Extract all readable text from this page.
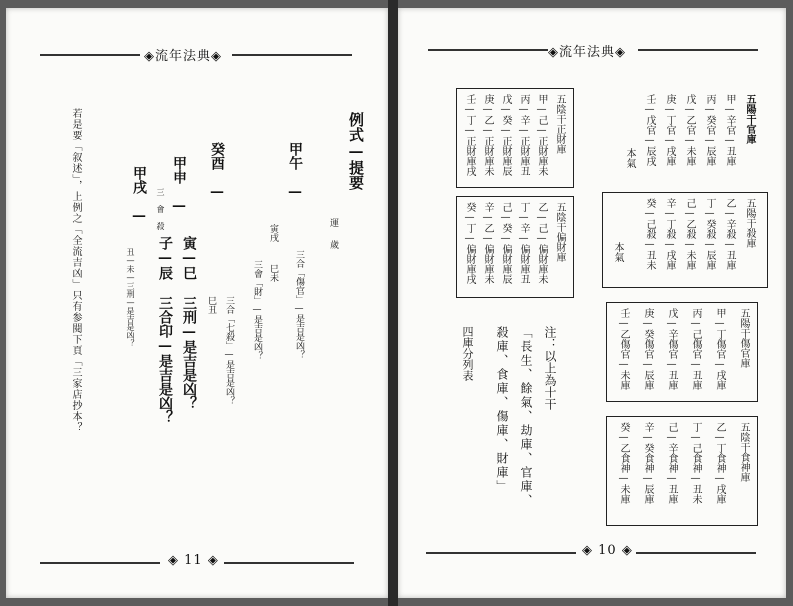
◈流年法典◈
例式—提要
運　歲
甲午　—
三合「傷官」—是吉是凶？
寅戌
三會「財」—是吉是凶？ 巳未
癸酉　—
三合「七殺」—是吉是凶？
巳丑
甲申　—
三 會 殺
寅—巳 三刑—是吉是凶？
子—辰 三合印—是吉是凶？
甲戌　—
丑—未—三刑—是吉是凶？
若是要「叙述」，上例之「全流吉凶」只有参閱下頁「三家店抄本？
◈ 11 ◈
◈流年法典◈
五陽干官庫
甲—辛官—丑庫
丙—癸官—辰庫
戊—乙官—未庫
庚—丁官—戌庫
壬—戊官—辰戌
本氣
五陰干正財庫
甲—己—正財庫未
丙—辛—正財庫丑
戊—癸—正財庫辰
庚—乙—正財庫未
壬—丁—正財庫戌
五陽干殺庫
乙—辛殺—丑庫
丁—癸殺—辰庫
己—乙殺—未庫
辛—丁殺—戌庫
癸—己殺—丑未
本氣
五陰干偏財庫
乙—己—偏財庫未
丁—辛—偏財庫丑
己—癸—偏財庫辰
辛—乙—偏財庫未
癸—丁—偏財庫戌
五陽干傷官庫
甲—丁傷官—戌庫
丙—己傷官—丑庫
戊—辛傷官—丑庫
庚—癸傷官—辰庫
壬—乙傷官—未庫
五陰干食神庫
乙—丁食神—戌庫
丁—己食神—丑未
己—辛食神—丑庫
辛—癸食神—辰庫
癸—乙食神—未庫
注：以上為十干
「長生、餘氣、劫庫、官庫、
殺庫、食庫、傷庫、財庫」
四庫分列表
◈ 10 ◈
